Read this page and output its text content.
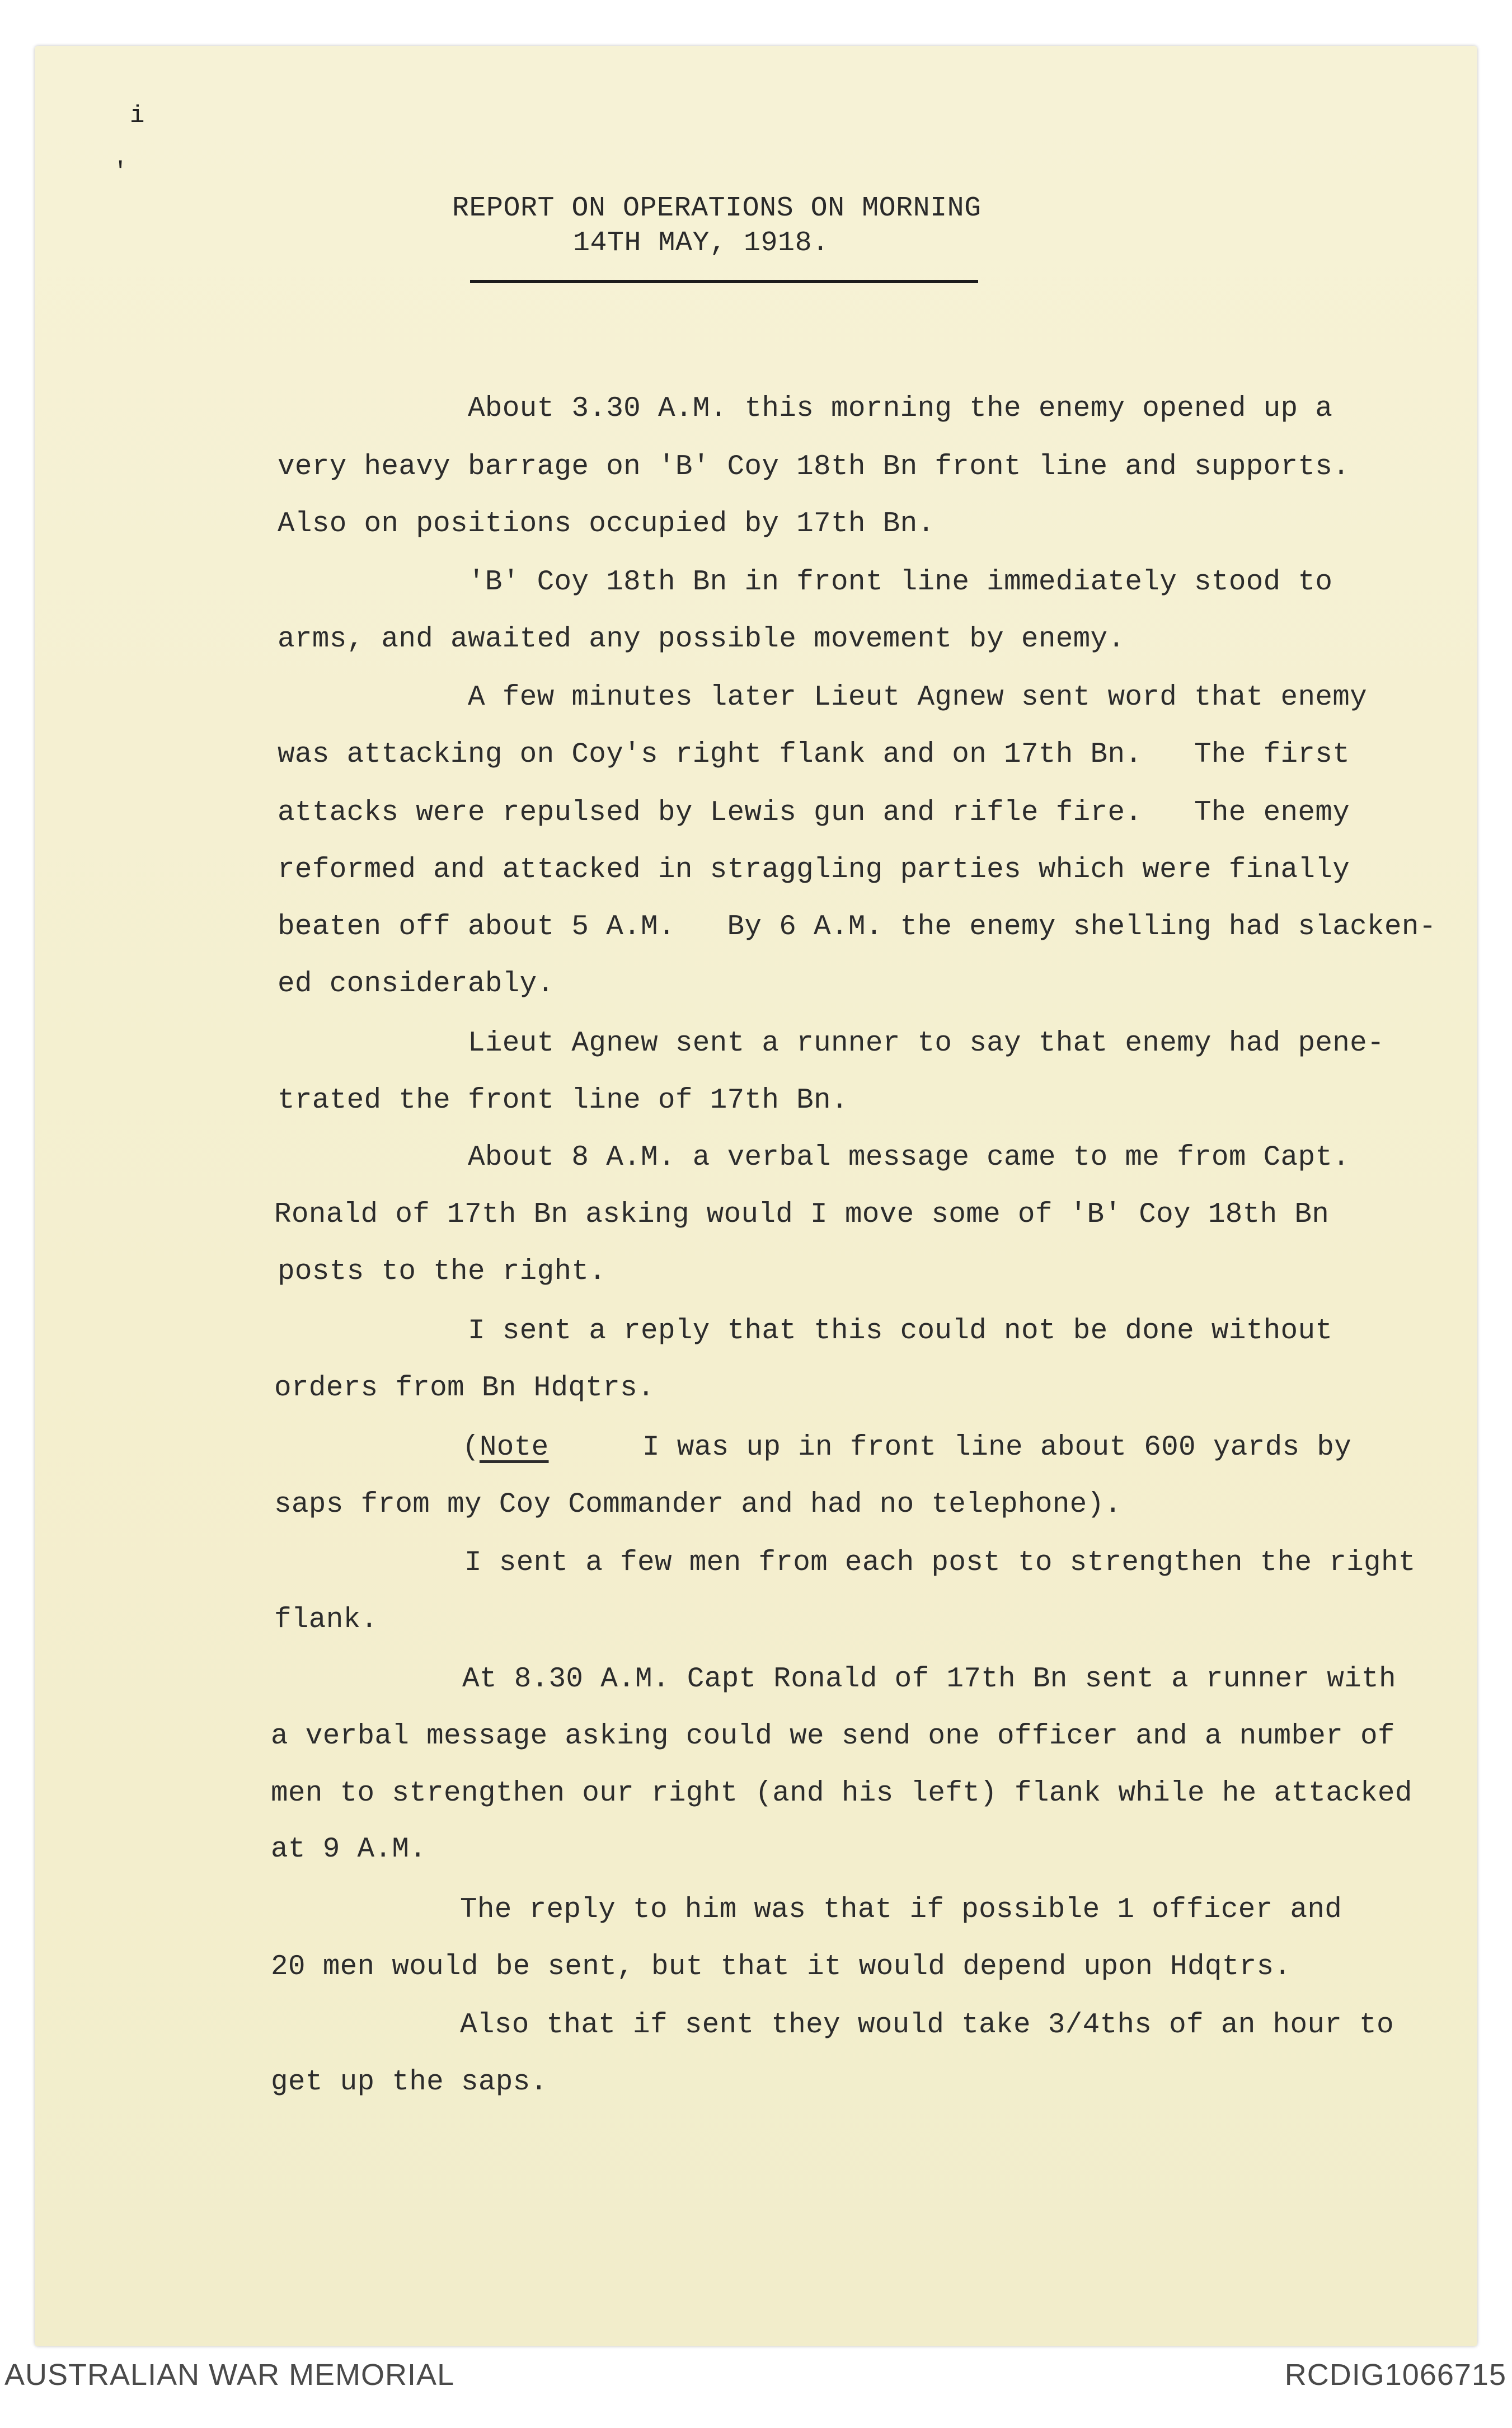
i
'
REPORT ON OPERATIONS ON MORNING
14TH MAY, 1918.
About 3.30 A.M. this morning the enemy opened up a
very heavy barrage on 'B' Coy 18th Bn front line and supports.
Also on positions occupied by 17th Bn.
'B' Coy 18th Bn in front line immediately stood to
arms, and awaited any possible movement by enemy.
A few minutes later Lieut Agnew sent word that enemy
was attacking on Coy's right flank and on 17th Bn.   The first
attacks were repulsed by Lewis gun and rifle fire.   The enemy
reformed and attacked in straggling parties which were finally
beaten off about 5 A.M.   By 6 A.M. the enemy shelling had slacken-
ed considerably.
Lieut Agnew sent a runner to say that enemy had pene-
trated the front line of 17th Bn.
About 8 A.M. a verbal message came to me from Capt.
Ronald of 17th Bn asking would I move some of 'B' Coy 18th Bn
posts to the right.
I sent a reply that this could not be done without
orders from Bn Hdqtrs.
(Note	I was up in front line about 600 yards by
saps from my Coy Commander and had no telephone).
I sent a few men from each post to strengthen the right
flank.
At 8.30 A.M. Capt Ronald of 17th Bn sent a runner with
a verbal message asking could we send one officer and a number of
men to strengthen our right (and his left) flank while he attacked
at 9 A.M.
The reply to him was that if possible 1 officer and
20 men would be sent, but that it would depend upon Hdqtrs.
Also that if sent they would take 3/4ths of an hour to
get up the saps.
AUSTRALIAN WAR MEMORIAL	RCDIG1066715
